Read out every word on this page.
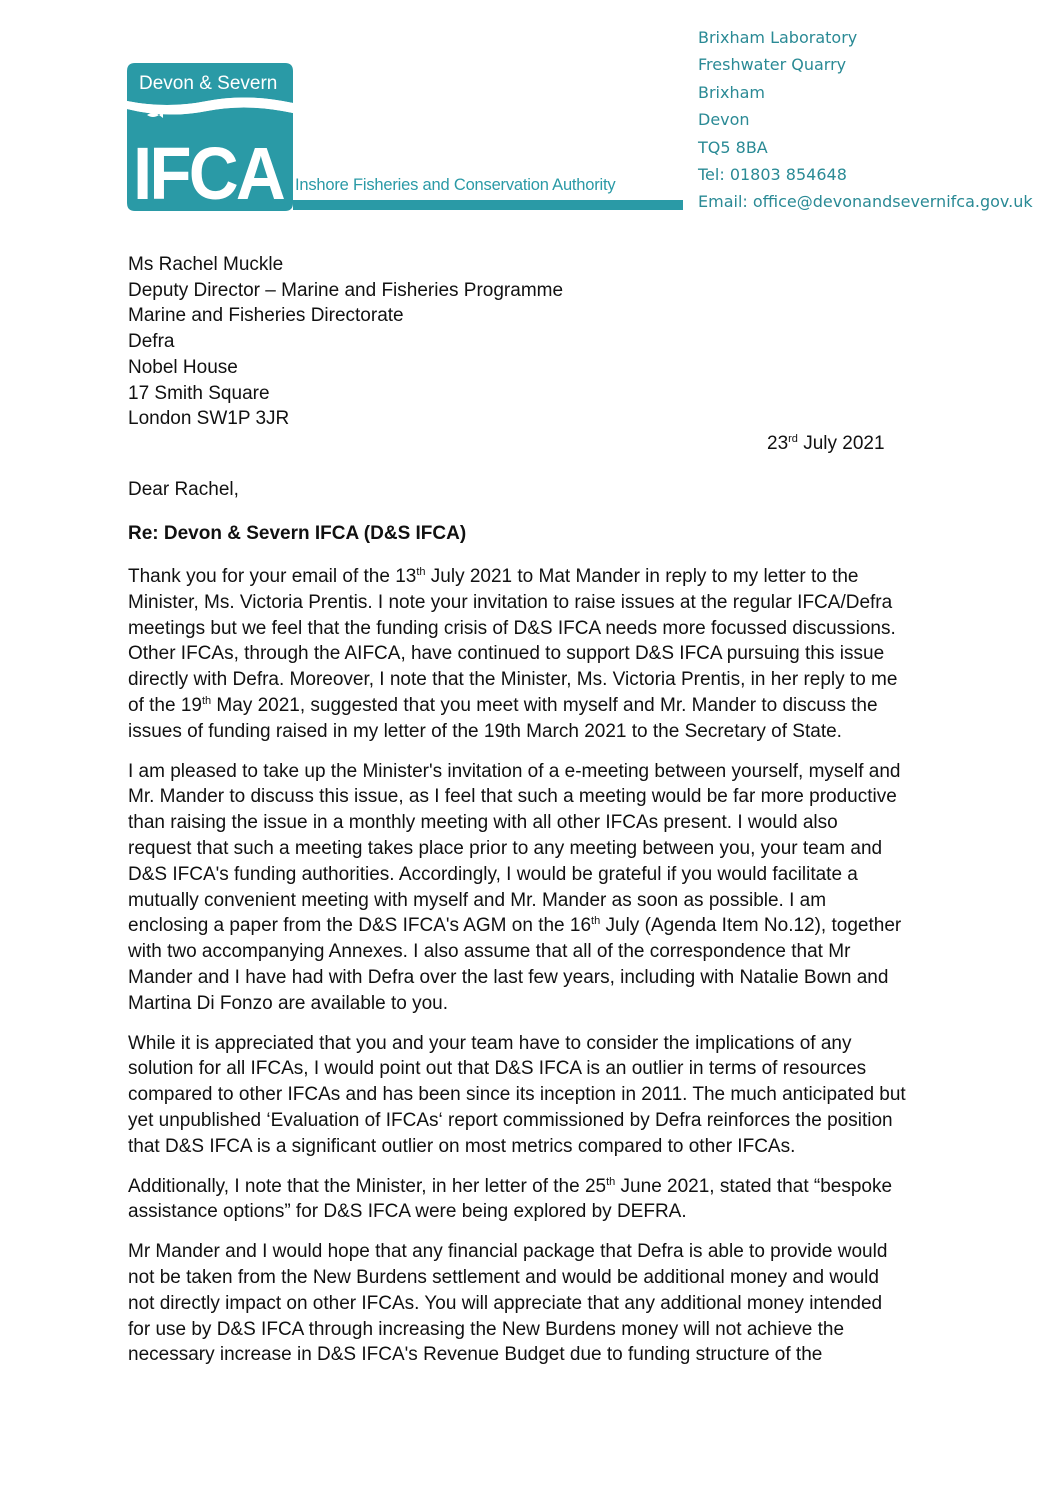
Devon & Severn
IFCA Inshore Fisheries and Conservation Authority
Brixham Laboratory
Freshwater Quarry
Brixham
Devon
TQ5 8BA
Tel: 01803 854648
Email: office@devonandsevernifca.gov.uk
Ms Rachel Muckle
Deputy Director – Marine and Fisheries Programme
Marine and Fisheries Directorate
Defra
Nobel House
17 Smith Square
London SW1P 3JR
23rd July 2021
Dear Rachel,
Re: Devon & Severn IFCA (D&S IFCA)

Thank you for your email of the 13th July 2021 to Mat Mander in reply to my letter to the
Minister, Ms. Victoria Prentis. I note your invitation to raise issues at the regular IFCA/Defra
meetings but we feel that the funding crisis of D&S IFCA needs more focussed discussions.
Other IFCAs, through the AIFCA, have continued to support D&S IFCA pursuing this issue
directly with Defra. Moreover, I note that the Minister, Ms. Victoria Prentis, in her reply to me
of the 19th May 2021, suggested that you meet with myself and Mr. Mander to discuss the
issues of funding raised in my letter of the 19th March 2021 to the Secretary of State.

I am pleased to take up the Minister's invitation of a e-meeting between yourself, myself and
Mr. Mander to discuss this issue, as I feel that such a meeting would be far more productive
than raising the issue in a monthly meeting with all other IFCAs present. I would also
request that such a meeting takes place prior to any meeting between you, your team and
D&S IFCA's funding authorities. Accordingly, I would be grateful if you would facilitate a
mutually convenient meeting with myself and Mr. Mander as soon as possible. I am
enclosing a paper from the D&S IFCA's AGM on the 16th July (Agenda Item No.12), together
with two accompanying Annexes. I also assume that all of the correspondence that Mr
Mander and I have had with Defra over the last few years, including with Natalie Bown and
Martina Di Fonzo are available to you.

While it is appreciated that you and your team have to consider the implications of any
solution for all IFCAs, I would point out that D&S IFCA is an outlier in terms of resources
compared to other IFCAs and has been since its inception in 2011. The much anticipated but
yet unpublished ‘Evaluation of IFCAs‘ report commissioned by Defra reinforces the position
that D&S IFCA is a significant outlier on most metrics compared to other IFCAs.

Additionally, I note that the Minister, in her letter of the 25th June 2021, stated that “bespoke
assistance options” for D&S IFCA were being explored by DEFRA.

Mr Mander and I would hope that any financial package that Defra is able to provide would
not be taken from the New Burdens settlement and would be additional money and would
not directly impact on other IFCAs. You will appreciate that any additional money intended
for use by D&S IFCA through increasing the New Burdens money will not achieve the
necessary increase in D&S IFCA's Revenue Budget due to funding structure of the
